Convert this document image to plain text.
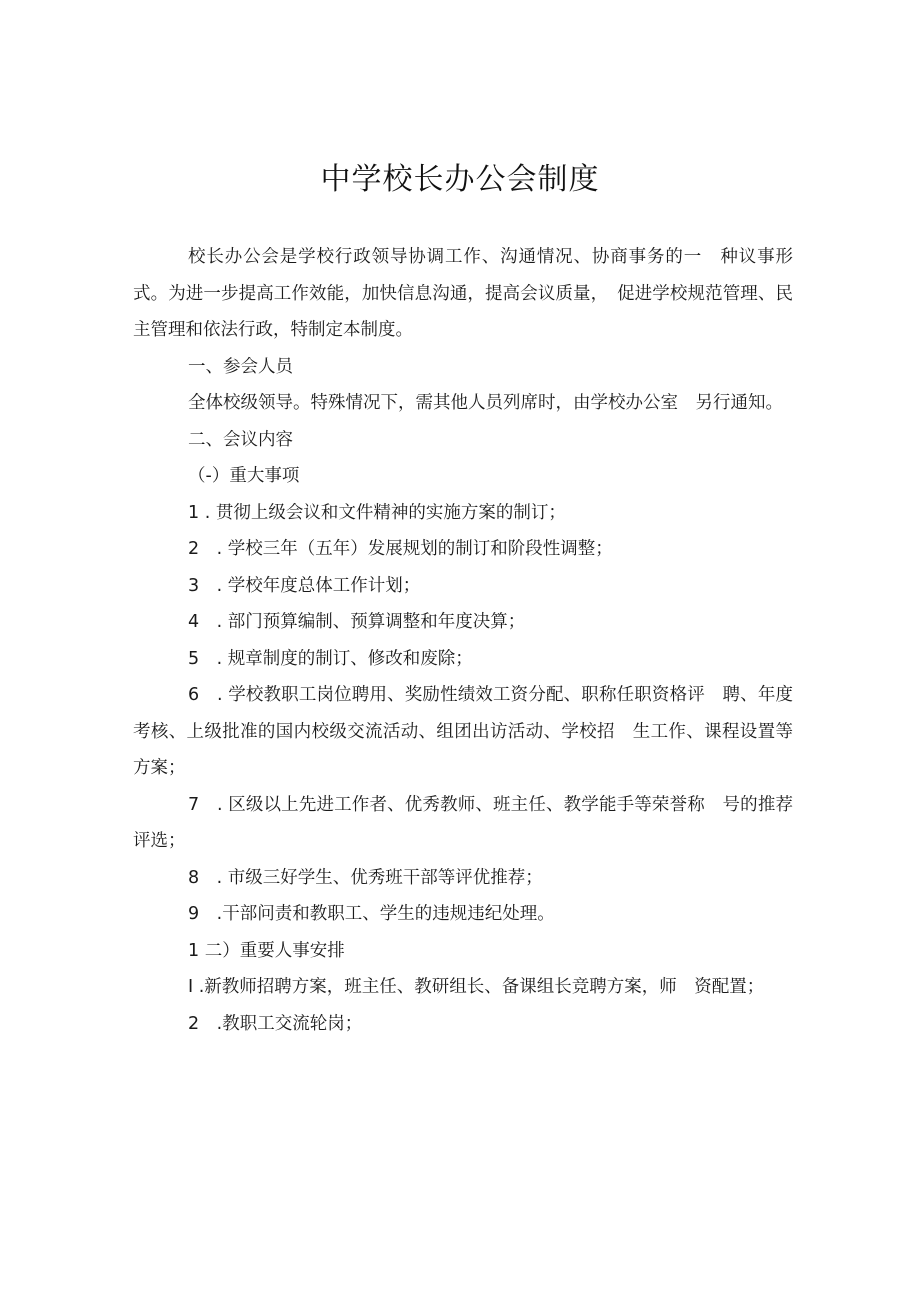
中学校长办公会制度

校长办公会是学校行政领导协调工作、沟通情况、协商事务的一　种议事形式。为进一步提高工作效能，加快信息沟通，提高会议质量，　促进学校规范管理、民主管理和依法行政，特制定本制度。

一、参会人员

全体校级领导。特殊情况下，需其他人员列席时，由学校办公室　另行通知。

二、会议内容

（-）重大事项

1 . 贯彻上级会议和文件精神的实施方案的制订；

2　. 学校三年（五年）发展规划的制订和阶段性调整；

3　. 学校年度总体工作计划；

4　. 部门预算编制、预算调整和年度决算；

5　. 规章制度的制订、修改和废除；

6　. 学校教职工岗位聘用、奖励性绩效工资分配、职称任职资格评　聘、年度考核、上级批准的国内校级交流活动、组团出访活动、学校招　生工作、课程设置等方案；

7　. 区级以上先进工作者、优秀教师、班主任、教学能手等荣誉称　号的推荐评选；

8　. 市级三好学生、优秀班干部等评优推荐；

9　.干部问责和教职工、学生的违规违纪处理。

1 二）重要人事安排

I .新教师招聘方案，班主任、教研组长、备课组长竞聘方案，师　资配置；

2　.教职工交流轮岗；
